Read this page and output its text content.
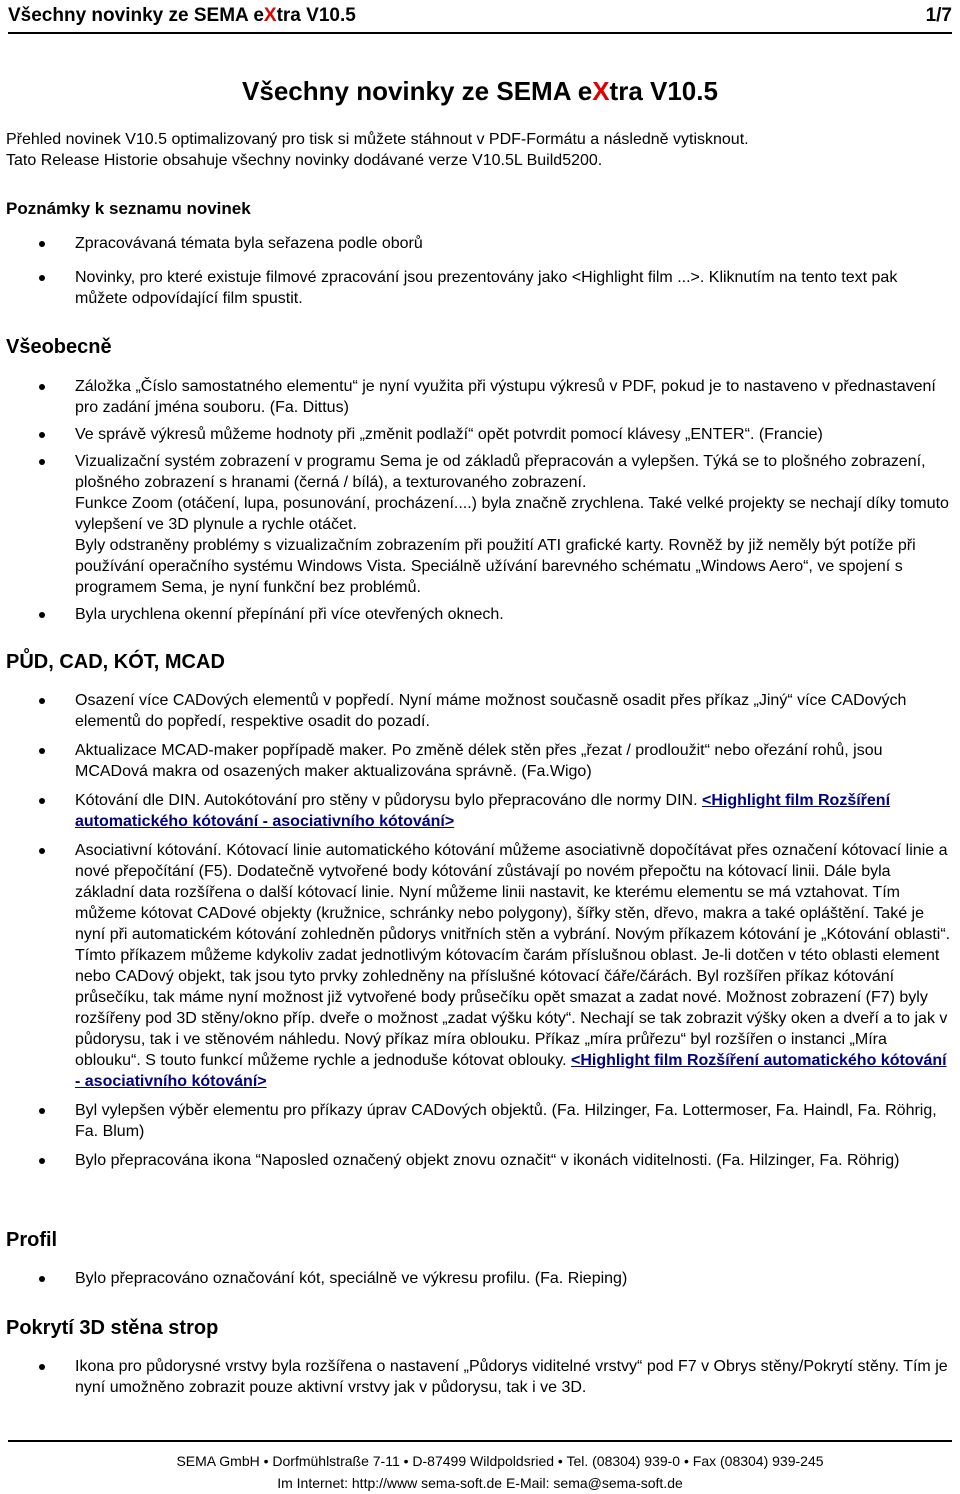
Všechny novinky ze SEMA eXtra V10.5	1/7
Všechny novinky ze SEMA eXtra V10.5

Přehled novinek V10.5 optimalizovaný pro tisk si můžete stáhnout v PDF-Formátu a následně vytisknout.

Tato Release Historie obsahuje všechny novinky dodávané verze V10.5L Build5200.

Poznámky k seznamu novinek

Zpracovávaná témata byla seřazena podle oborů

Novinky, pro které existuje filmové zpracování jsou prezentovány jako <Highlight film ...>. Kliknutím na tento text pak můžete odpovídající film spustit.

Všeobecně

Záložka „Číslo samostatného elementu“ je nyní využita při výstupu výkresů v PDF, pokud je to nastaveno v přednastavení pro zadání jména souboru. (Fa. Dittus)

Ve správě výkresů můžeme hodnoty při „změnit podlaží“ opět potvrdit pomocí klávesy „ENTER“. (Francie)

Vizualizační systém zobrazení v programu Sema je od základů přepracován a vylepšen. Týká se to plošného zobrazení, plošného zobrazení s hranami (černá / bílá), a texturovaného zobrazení.

Funkce Zoom (otáčení, lupa, posunování, procházení....) byla značně zrychlena. Také velké projekty se nechají díky tomuto vylepšení ve 3D plynule a rychle otáčet.

Byly odstraněny problémy s vizualizačním zobrazením při použití ATI grafické karty. Rovněž by již neměly být potíže při používání operačního systému Windows Vista. Speciálně užívání barevného schématu „Windows Aero“, ve spojení s programem Sema, je nyní funkční bez problémů.

Byla urychlena okenní přepínání při více otevřených oknech.

PŮD, CAD, KÓT, MCAD

Osazení více CADových elementů v popředí. Nyní máme možnost současně osadit přes příkaz „Jiný“ více CADových elementů do popředí, respektive osadit do pozadí.

Aktualizace MCAD-maker popřípadě maker. Po změně délek stěn přes „řezat / prodloužit“ nebo ořezání rohů, jsou MCADová makra od osazených maker aktualizována správně. (Fa.Wigo)

Kótování dle DIN. Autokótování pro stěny v půdorysu bylo přepracováno dle normy DIN. <Highlight film Rozšíření automatického kótování - asociativního kótování>

Asociativní kótování. Kótovací linie automatického kótování můžeme asociativně dopočítávat přes označení kótovací linie a nové přepočítání (F5). Dodatečně vytvořené body kótování zůstávají po novém přepočtu na kótovací linii. Dále byla základní data rozšířena o další kótovací linie. Nyní můžeme linii nastavit, ke kterému elementu se má vztahovat. Tím můžeme kótovat CADové objekty (kružnice, schránky nebo polygony), šířky stěn, dřevo, makra a také opláštění. Také je nyní při automatickém kótování zohledněn půdorys vnitřních stěn a vybrání. Novým příkazem kótování je „Kótování oblasti“. Tímto příkazem můžeme kdykoliv zadat jednotlivým kótovacím čarám příslušnou oblast. Je-li dotčen v této oblasti element nebo CADový objekt, tak jsou tyto prvky zohledněny na příslušné kótovací čáře/čárách. Byl rozšířen příkaz kótování průsečíku, tak máme nyní možnost již vytvořené body průsečíku opět smazat a zadat nové. Možnost zobrazení (F7) byly rozšířeny pod 3D stěny/okno příp. dveře o možnost „zadat výšku kóty“. Nechají se tak zobrazit výšky oken a dveří a to jak v půdorysu, tak i ve stěnovém náhledu. Nový příkaz míra oblouku. Příkaz „míra průřezu“ byl rozšířen o instanci „Míra oblouku“. S touto funkcí můžeme rychle a jednoduše kótovat oblouky. <Highlight film Rozšíření automatického kótování - asociativního kótování>

Byl vylepšen výběr elementu pro příkazy úprav CADových objektů. (Fa. Hilzinger, Fa. Lottermoser, Fa. Haindl, Fa. Röhrig, Fa. Blum)

Bylo přepracována ikona “Naposled označený objekt znovu označit“ v ikonách viditelnosti. (Fa. Hilzinger, Fa. Röhrig)

Profil

Bylo přepracováno označování kót, speciálně ve výkresu profilu. (Fa. Rieping)

Pokrytí 3D stěna strop

Ikona pro půdorysné vrstvy byla rozšířena o nastavení „Půdorys viditelné vrstvy“ pod F7 v Obrys stěny/Pokrytí stěny. Tím je nyní umožněno zobrazit pouze aktivní vrstvy jak v půdorysu, tak i ve 3D.

SEMA GmbH • Dorfmühlstraße 7-11 • D-87499 Wildpoldsried • Tel. (08304) 939-0 • Fax (08304) 939-245

Im Internet: http://www sema-soft.de E-Mail: sema@sema-soft.de
